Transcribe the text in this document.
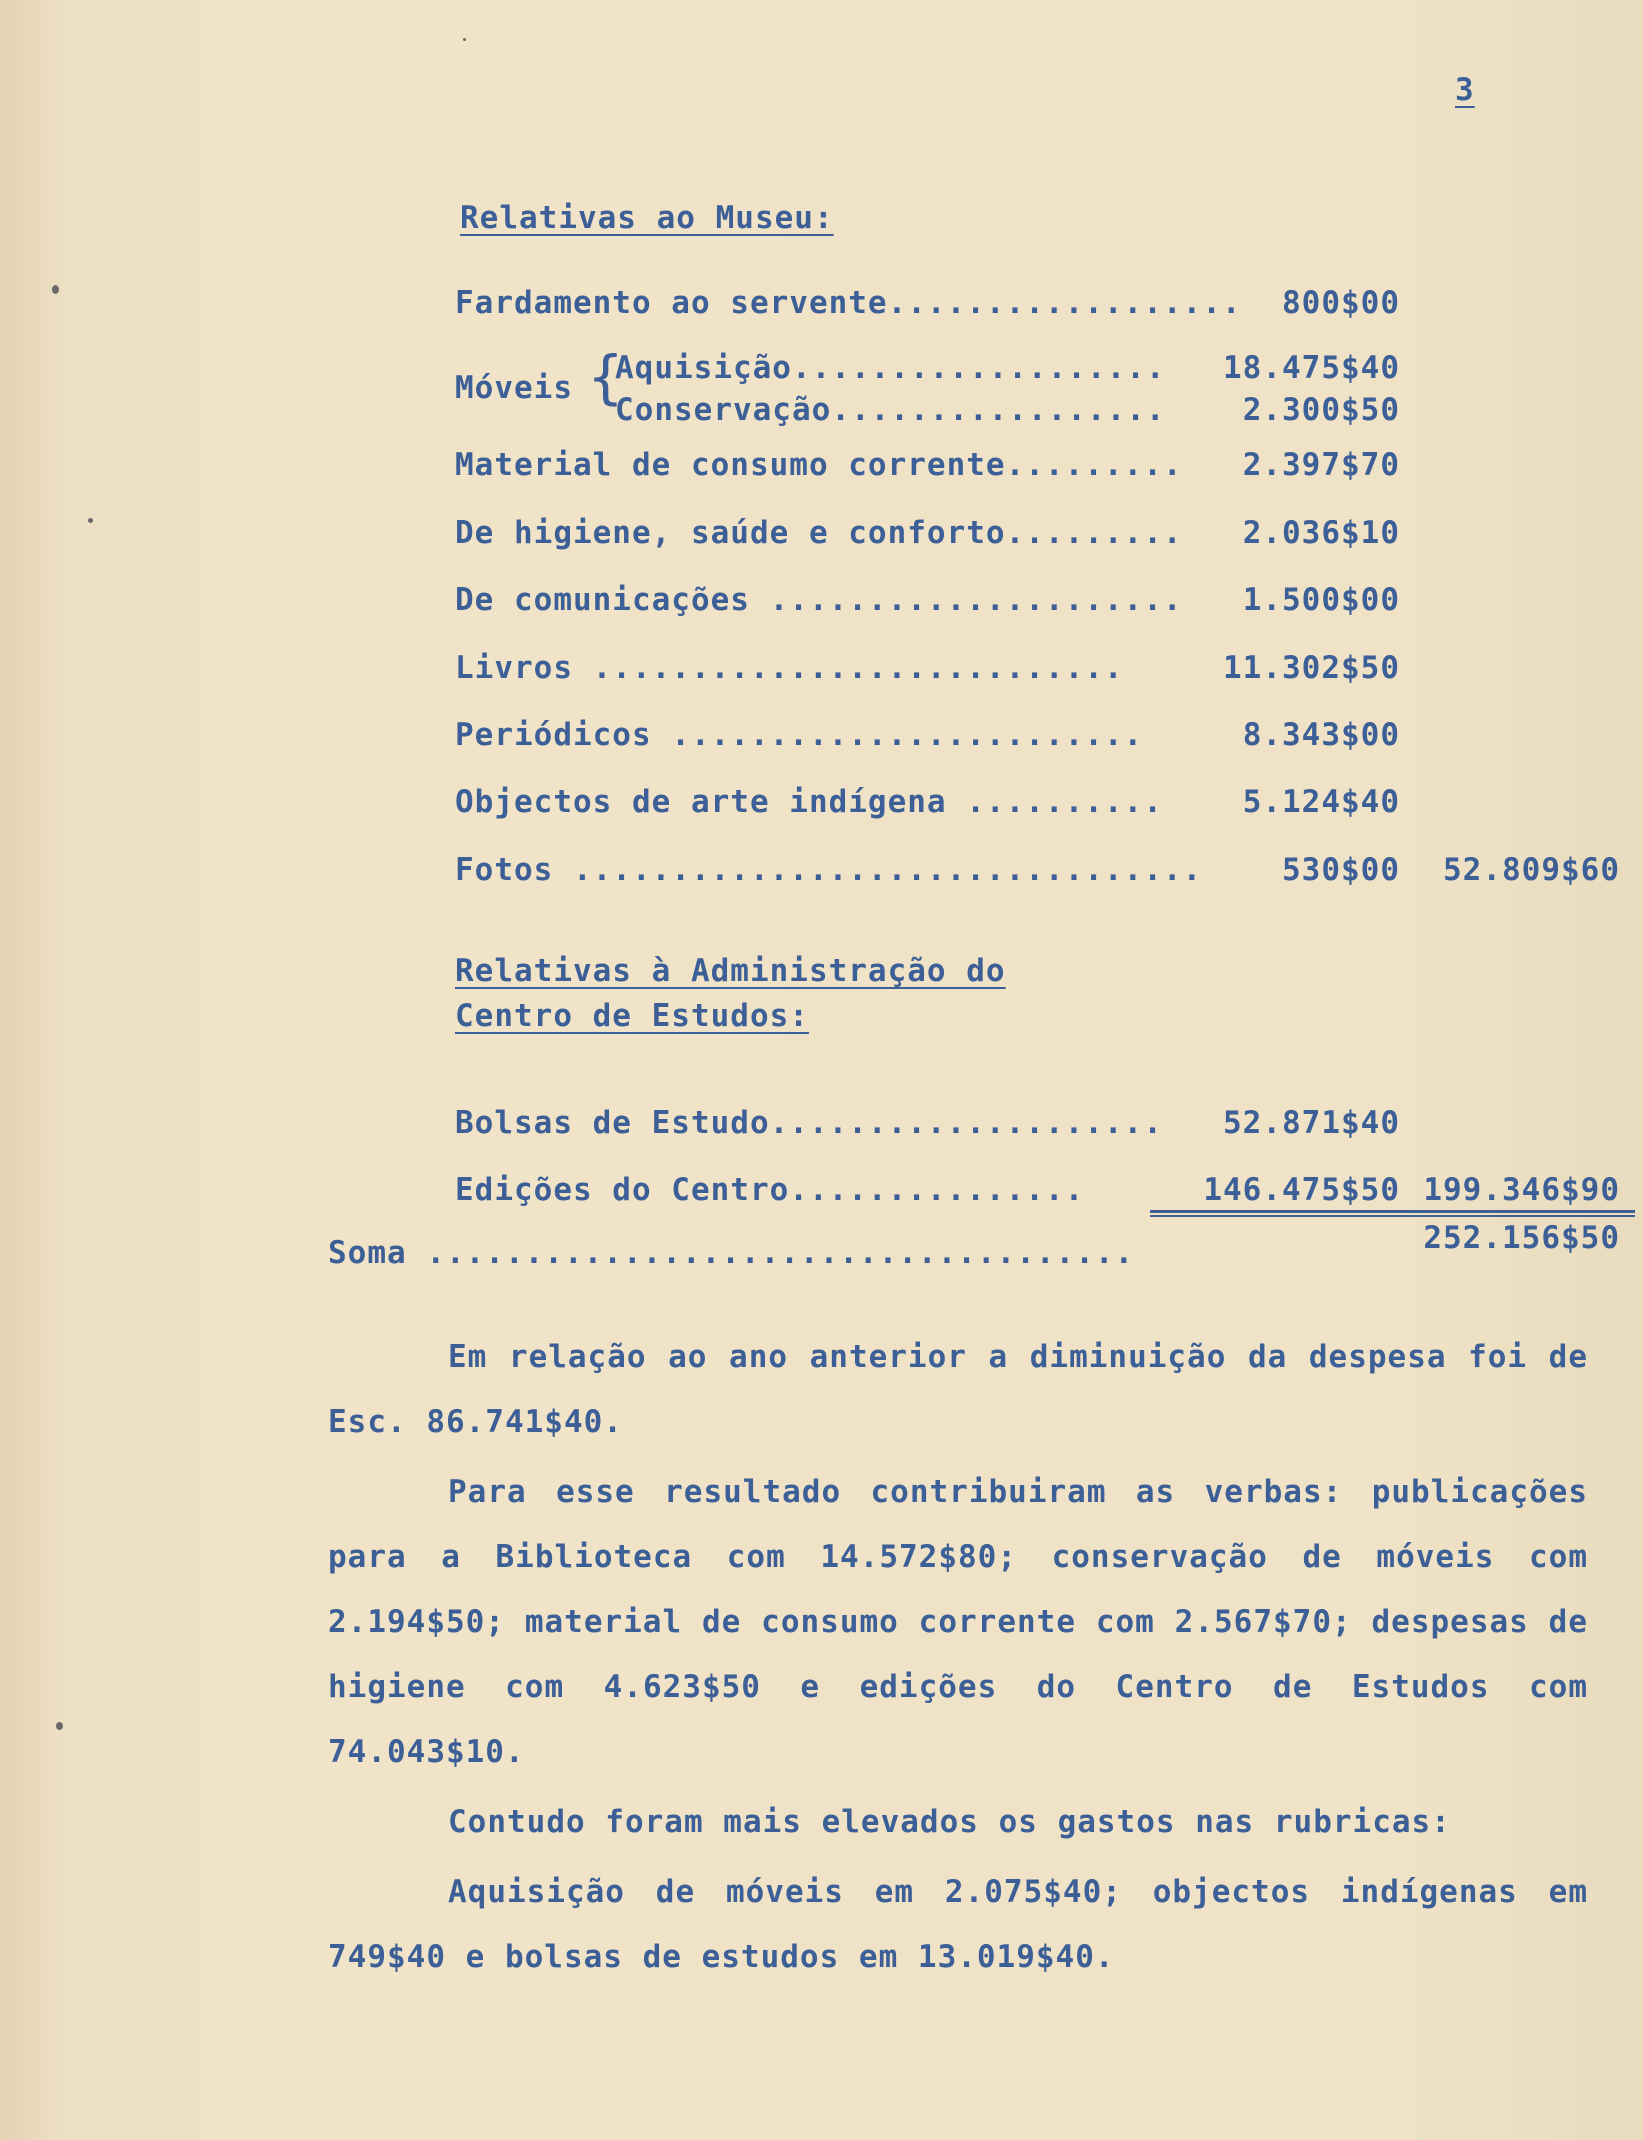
3
Relativas ao Museu:
Fardamento ao servente..................	800$00
Móveis {
Aquisição...................	18.475$40
Conservação.................	2.300$50
Material de consumo corrente.........	2.397$70
De higiene, saúde e conforto.........	2.036$10
De comunicações .....................	1.500$00
Livros ...........................	11.302$50
Periódicos ........................	8.343$00
Objectos de arte indígena ..........	5.124$40
Fotos ................................	530$00	52.809$60
Relativas à Administração do
Centro de Estudos:
Bolsas de Estudo....................	52.871$40
Edições do Centro...............	146.475$50 199.346$90
Soma ....................................	252.156$50
Em relação ao ano anterior a diminuição da despesa foi de Esc. 86.741$40.
Para esse resultado contribuiram as verbas: publicações para a Biblioteca com 14.572$80; conservação de móveis com 2.194$50; material de consumo corrente com 2.567$70; despesas de higiene com 4.623$50 e edições do Centro de Estudos com 74.043$10.
Contudo foram mais elevados os gastos nas rubricas:
Aquisição de móveis em 2.075$40; objectos indígenas em 749$40 e bolsas de estudos em 13.019$40.
